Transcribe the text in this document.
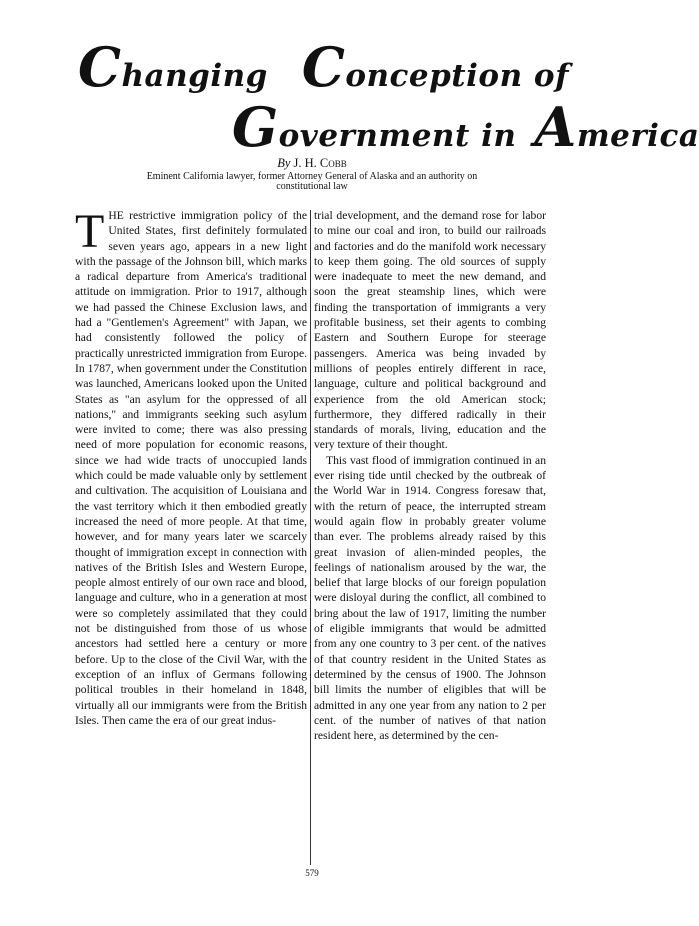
Changing Conception of
Government in America
By J. H. Cobb
Eminent California lawyer, former Attorney General of Alaska and an authority on constitutional law

THE restrictive immigration policy of the United States, first definitely formulated seven years ago, appears in a new light with the passage of the Johnson bill, which marks a radical departure from America's traditional attitude on immigration. Prior to 1917, although we had passed the Chinese Exclusion laws, and had a "Gentlemen's Agreement" with Japan, we had consistently followed the policy of practically unrestricted immigration from Europe. In 1787, when government under the Constitution was launched, Americans looked upon the United States as "an asylum for the oppressed of all nations," and immigrants seeking such asylum were invited to come; there was also pressing need of more population for economic reasons, since we had wide tracts of unoccupied lands which could be made valuable only by settlement and cultivation. The acquisition of Louisiana and the vast territory which it then embodied greatly increased the need of more people. At that time, however, and for many years later we scarcely thought of immigration except in connection with natives of the British Isles and Western Europe, people almost entirely of our own race and blood, language and culture, who in a generation at most were so completely assimilated that they could not be distinguished from those of us whose ancestors had settled here a century or more before. Up to the close of the Civil War, with the exception of an influx of Germans following political troubles in their homeland in 1848, virtually all our immigrants were from the British Isles. Then came the era of our great indus-

trial development, and the demand rose for labor to mine our coal and iron, to build our railroads and factories and do the manifold work necessary to keep them going. The old sources of supply were inadequate to meet the new demand, and soon the great steamship lines, which were finding the transportation of immigrants a very profitable business, set their agents to combing Eastern and Southern Europe for steerage passengers. America was being invaded by millions of peoples entirely different in race, language, culture and political background and experience from the old American stock; furthermore, they differed radically in their standards of morals, living, education and the very texture of their thought.

This vast flood of immigration continued in an ever rising tide until checked by the outbreak of the World War in 1914. Congress foresaw that, with the return of peace, the interrupted stream would again flow in probably greater volume than ever. The problems already raised by this great invasion of alien-minded peoples, the feelings of nationalism aroused by the war, the belief that large blocks of our foreign population were disloyal during the conflict, all combined to bring about the law of 1917, limiting the number of eligible immigrants that would be admitted from any one country to 3 per cent. of the natives of that country resident in the United States as determined by the census of 1900. The Johnson bill limits the number of eligibles that will be admitted in any one year from any nation to 2 per cent. of the number of natives of that nation resident here, as determined by the cen-

579
